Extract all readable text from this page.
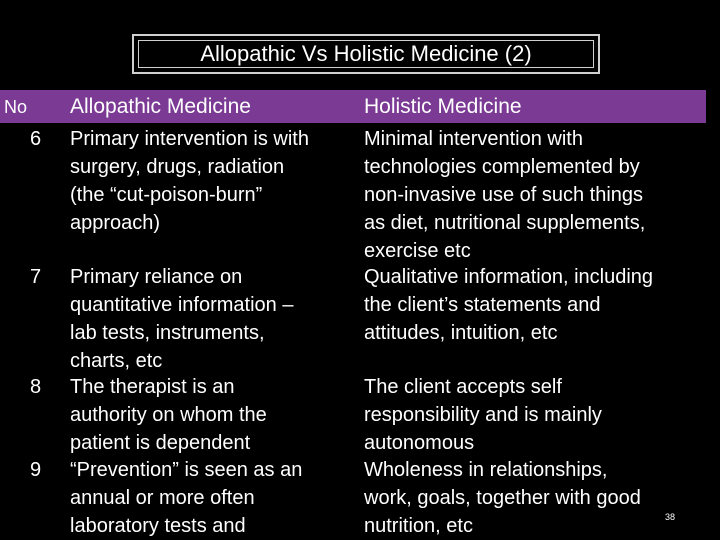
Allopathic Vs Holistic Medicine (2)
No Allopathic Medicine	Holistic Medicine
6 Primary intervention is with
surgery, drugs, radiation
(the “cut-poison-burn”
approach)
Minimal intervention with
technologies complemented by
non-invasive use of such things
as diet, nutritional supplements,
exercise etc
7 Primary reliance on
quantitative information –
lab tests, instruments,
charts, etc
Qualitative information, including
the client’s statements and
attitudes, intuition, etc
8 The therapist is an
authority on whom the
patient is dependent
The client accepts self
responsibility and is mainly
autonomous
9 “Prevention” is seen as an
annual or more often
laboratory tests and
Wholeness in relationships,
work, goals, together with good
nutrition, etc	38
